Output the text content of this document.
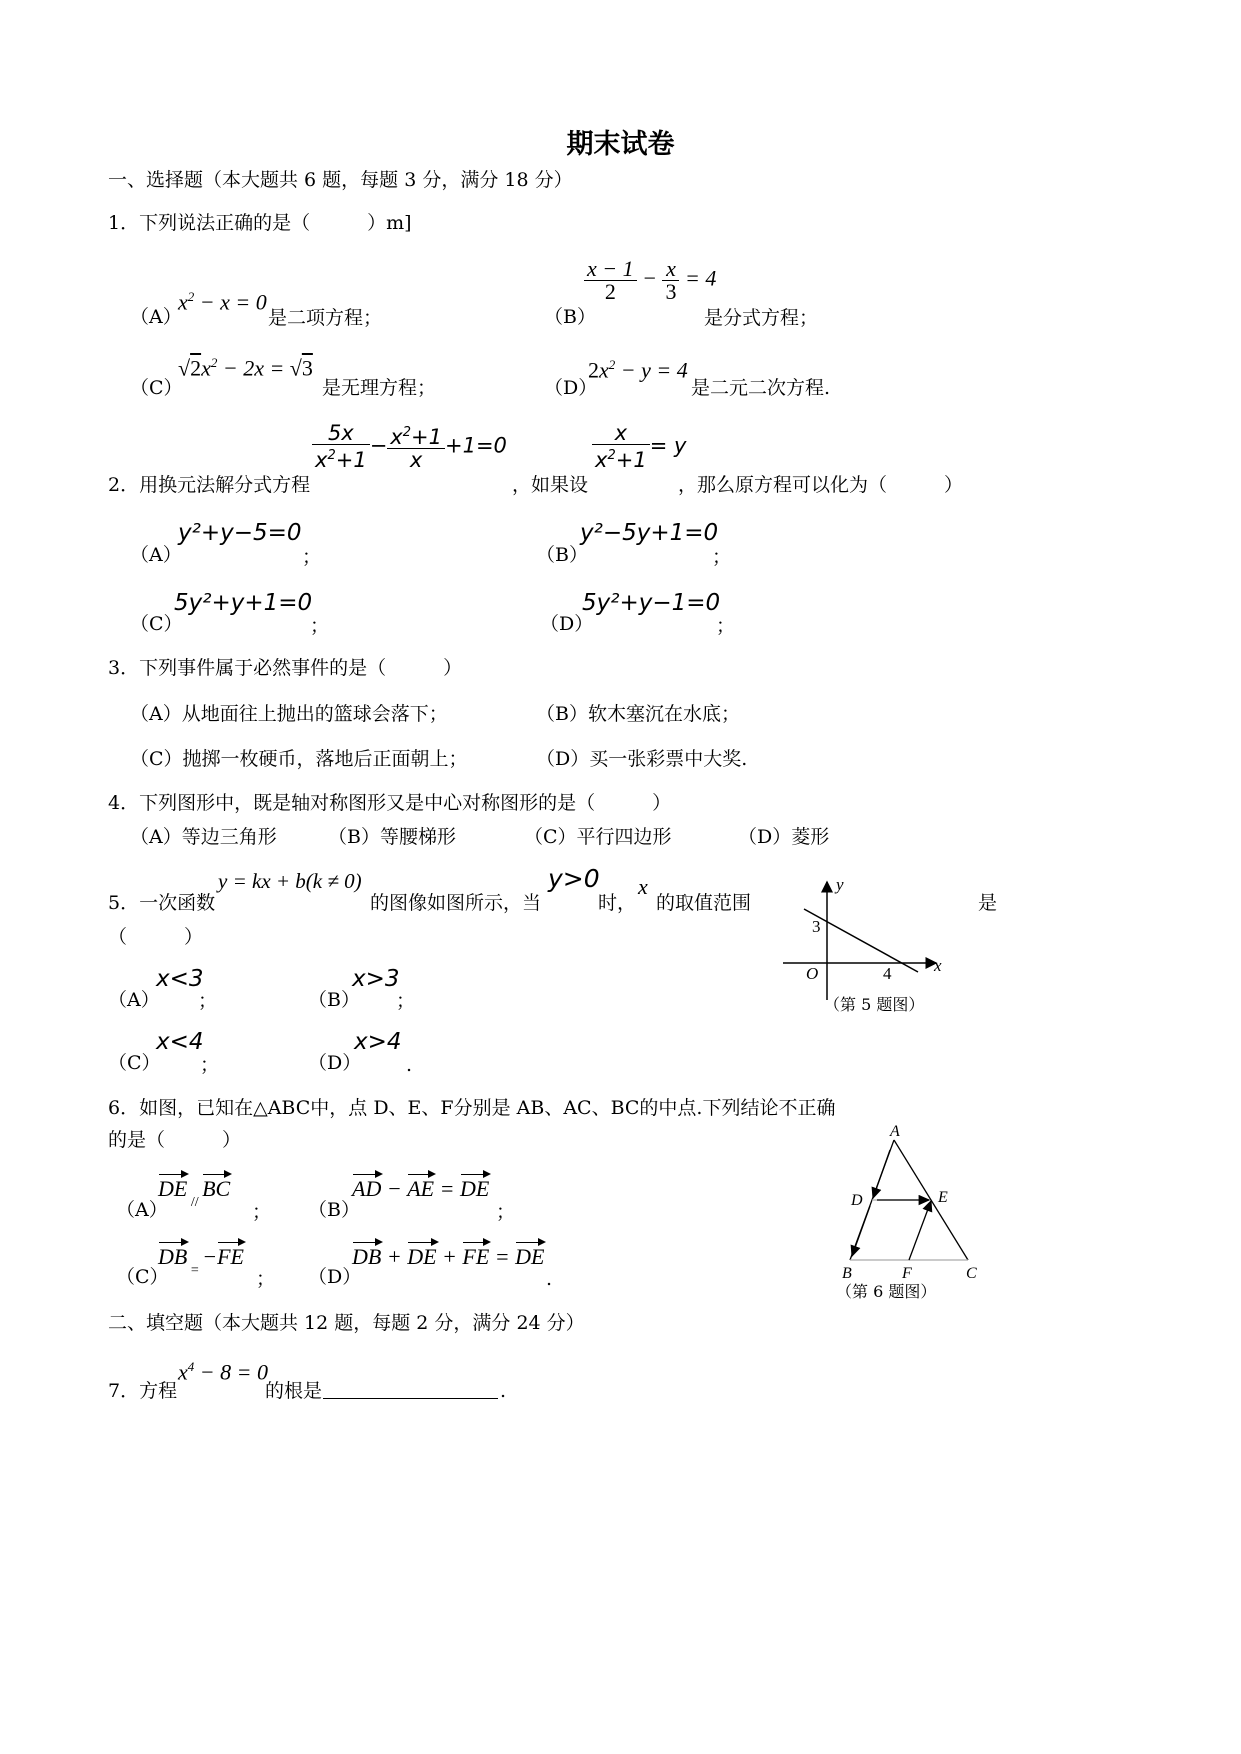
期末试卷
一、选择题（本大题共 6 题，每题 3 分，满分 18 分）
1．下列说法正确的是（　　　）m]
（A）
$x^2 - x = 0$
是二项方程；	（B）
$\frac{x - 1}{2} - \frac{x}{3} = 4$
是分式方程；
（C）
$√2x^2 - 2x = √3$
是无理方程；	（D）
$2x^2 - y = 4$
是二元二次方程.
$\frac{5x}{x^2+1} - \frac{x^2+1}{x} +1=0$	$\frac{x}{x^2+1} = y$
2．用换元法解分式方程	，如果设	，那么原方程可以化为（　　　）
（A）
y²+y−5=0
；	（B）
y²−5y+1=0
；
（C）
5y²+y+1=0
；	（D）
5y²+y−1=0
；
3．下列事件属于必然事件的是（　　　）
（A）从地面往上抛出的篮球会落下；	（B）软木塞沉在水底；
（C）抛掷一枚硬币，落地后正面朝上；	（D）买一张彩票中大奖.
4．下列图形中，既是轴对称图形又是中心对称图形的是（　　　）
（A）等边三角形	（B）等腰梯形	（C）平行四边形	（D）菱形
5．一次函数
y = kx + b(k ≠ 0)
的图像如图所示，当
y>0
时，
x
的取值范围	是
（　　　）
（A）
x<3
；	（B）
x>3
；
（C）
x<4
；	（D）
x>4
.
y
x
O
3
4
（第 5 题图）
6．如图，已知在△ABC中，点 D、E、F分别是 AB、AC、BC的中点.下列结论不正确
的是（　　　）
（A）
DE $_{//}$ BC
； （B）
AD − AE = DE
；
（C）
DB $_=$ −FE
； （D）
DB + DE + FE = DE
.
A
D	E
B	F	C
（第 6 题图）
二、填空题（本大题共 12 题，每题 2 分，满分 24 分）
7．方程
$x^4 - 8 = 0$
的根是	.
